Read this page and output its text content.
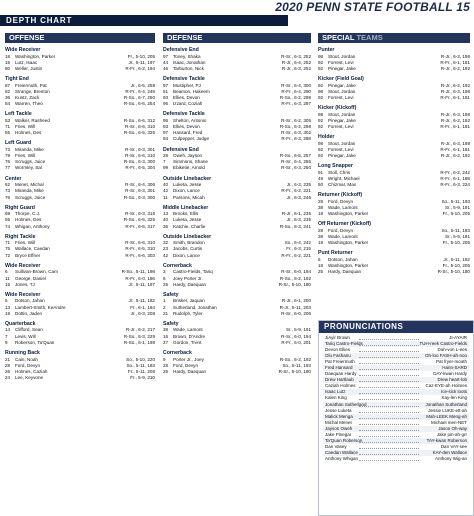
2020 PENN STATE FOOTBALL 15
DEPTH CHART
OFFENSE
Wide Receiver
18	Washington, Parker	Fr., 5-10, 205
15	Lutz, Isaac	Jr., 5-11, 197
80	Weller, Justin	R-Fr., 6-2, 194
Tight End
87	Freiermuth, Pat	Jr., 6-5, 258
82	Strange, Brenton	R-Fr., 6-4, 249
36	Kuntz, Zack	R-So., 6-7, 250
84	Warren, Theo	R-So., 6-6, 254
Left Tackle
53	Walker, Rasheed	R-So., 6-6, 312
71	Fries, Will	R-Sr., 6-6, 310
55	Holmes, Des	R-So., 6-5, 325
Left Guard
73	Miranda, Mike	R-Sr., 6-3, 301
79	Fries, Will	R-Sr., 6-6, 310
76	Scruggs, Juice	R-So., 6-3, 300
77	Wormley, Sal	R-Fr., 6-5, 304
Center
62	Menet, Michal	R-Sr., 6-4, 306
73	Miranda, Mike	R-Sr., 6-3, 301
76	Scruggs, Juice	R-So., 6-3, 300
Right Guard
69	Thorpe, C.J.	R-Sr., 6-3, 316
55	Holmes, Des	R-So., 6-5, 325
74	Whigan, Anthony	R-Fr., 6-5, 317
Right Tackle
71	Fries, Will	R-Sr., 6-6, 310
75	Wallace, Caedan	R-Fr., 6-5, 310
72	Bryce Effner	R-Fr., 6-6, 303
Wide Receiver
6	Sullivan-Brown, Cam	R-So., 5-11, 198
11	George, Daniel	R-Fr., 6-0, 186
15	Jones, TJ	Jr., 5-11, 197
Wide Receiver
5	Dotson, Jahan	Jr., 5-11, 182
13	Lambert-Smith, KeAndre	Fr., 6-1, 184
19	Dottin, Jaden	Jr., 6-3, 208
Quarterback
14	Clifford, Sean	R-Jr., 6-2, 217
7	Levis, Will	R-So., 6-3, 229
9	Roberson, Ta'Quan	R-So., 6-1, 198
Running Back
21	Cain, Noah	So., 5-10, 220
28	Ford, Devyn	So., 5-11, 193
26	Holmes, Caziah	Fr., 5-11, 208
24	Lee, Keyvone	Fr., 5-9, 210
DEFENSE
Defensive End
97	Toney, Shaka	R-Sr., 6-3, 252
44	Isaac, Jonathan	R-Jr., 6-4, 252
46	Tarburton, Nick	R-Jr., 6-3, 252
Defensive Tackle
97	Mustipher, PJ	R-Sr., 6-4, 300
51	Beamon, Hakeem	R-Fr., 6-4, 290
93	Ellies, Devon	R-So., 6-2, 298
96	Izzard, Coziah	R-Fr., 6-3, 297
Defensive Tackle
95	Shelton, Antonio	R-Sr., 6-2, 305
93	Ellies, Devon	R-So., 6-2, 298
97	Hansard, Fred	R-Sr., 6-3, 302
94	Culpepper, Judge	R-Fr., 6-3, 288
Defensive End
28	Oweh, Jayson	R-So., 6-5, 257
7	Simmons, Shane	R-Sr., 6-4, 255
99	Ebiketie, Arnold	R-Sr., 6-3, 250
Outside Linebacker
40	Luketa, Jesse	Jr., 6-3, 235
42	Dixon, Lance	R-Fr., 6-2, 221
11	Parsons, Micah	Jr., 6-3, 246
Middle Linebacker
13	Brooks, Ellis	R-Jr., 6-1, 235
40	Luketa, Jesse	Jr., 6-3, 235
36	Katchie, Charlie	R-So., 6-3, 241
Outside Linebacker
32	Smith, Brandon	So., 6-4, 242
23	Jacobs, Curtis	Fr., 6-3, 215
42	Dixon, Lance	R-Fr., 6-2, 221
Cornerback
3	Castro-Fields, Tariq	R-Sr., 6-0, 194
6	Joey Porter Jr.	R-So., 6-2, 192
25	Hardy, Daequan	R-Sr., 5-10, 180
Safety
1	Brisker, Jaquan	R-Jr., 6-1, 200
2	Sutherland, Jonathan	R-Jr., 5-11, 203
21	Rudolph, Tyler	R-Sr., 6-0, 206
Safety
38	Wade, Lamont	Sr., 5-9, 191
16	Brown, D'Andre	R-Sr., 6-0, 194
27	Gordon, Trent	R-Fr., 6-0, 201
Cornerback
9	Porter Jr., Joey	R-So., 6-2, 192
28	Ford, Devyn	So., 5-11, 193
25	Hardy, Daequan	R-Sr., 5-10, 180
SPECIAL TEAMS
Punter
98	Stout, Jordan	R-Jr., 6-3, 198
92	Forrest, Levi	R-Fr., 6-1, 181
92	Pinegar, Jake	R-Jr., 6-2, 192
Kicker (Field Goal)
92	Pinegar, Jake	R-Jr., 6-2, 192
98	Stout, Jordan	R-Jr., 6-3, 198
92	Forrest, Levi	R-Fr., 6-1, 181
Kicker (Kickoff)
98	Stout, Jordan	R-Jr., 6-3, 198
92	Pinegar, Jake	R-Jr., 6-2, 192
92	Forrest, Levi	R-Fr., 6-1, 181
Holder
98	Stout, Jordan	R-Jr., 6-3, 198
92	Forrest, Levi	R-Fr., 6-1, 181
92	Pinegar, Jake	R-Jr., 6-2, 192
Long Snapper
91	Stoll, Chris	R-Fr., 6-2, 242
49	Wright, Michael	R-Fr., 6-1, 188
50	Chizmar, Max	R-Fr., 6-3, 224
Returner (Kickoff)
28	Ford, Devyn	So., 5-11, 193
38	Wade, Lamont	Sr., 5-9, 191
18	Washington, Parker	Fr., 5-10, 205
Off Returner (Kickoff)
28	Ford, Devyn	So., 5-11, 193
38	Wade, Lamont	Sr., 5-9, 191
18	Washington, Parker	Fr., 5-10, 205
Punt Returner
5	Dotson, Jahan	Jr., 5-11, 182
18	Washington, Parker	Fr., 5-10, 205
25	Hardy, Daequan	R-Sr., 5-10, 180
PRONUNCIATIONS
JiAyir Brown	JI-AYAIR
Tariq Castro-Fields	TUH-reek Castro-Fields
Devon Ellies	Duh-von L-ees
Olu Fashanu	Oh-loo FASH-ah-noo
Pat Freiermuth	Pat fryer-mooth
Fred Hansard	Hann-SARD
Daequan Hardy	DAY-kwan Hardy
Drew Hartlaub	Drew heart-lob
Caziah Holmes	Caz-EYE-ah Holmes
Isaac Lutz	Ice-sick loots
Kalen King	Kay-len King
Jonathan Sutherland	Jonathan Sutherland
Jesse Luketa	Jessie LUKE-ett-ah
Malick Menga	Mah-LEEK Meng-ah
Michal Menet	Michael men-NET
Jayson Oweh	Jason Oh-way
Jake Pinegar	Jake pin-ah-grr
Ta'Quan Roberson	TAY-kwan Roberson
Dan Vasey	Dan VAY-see
Caedan Wallace	KAY-den Wallace
Anthony Whigan	Anthony Wig-an
